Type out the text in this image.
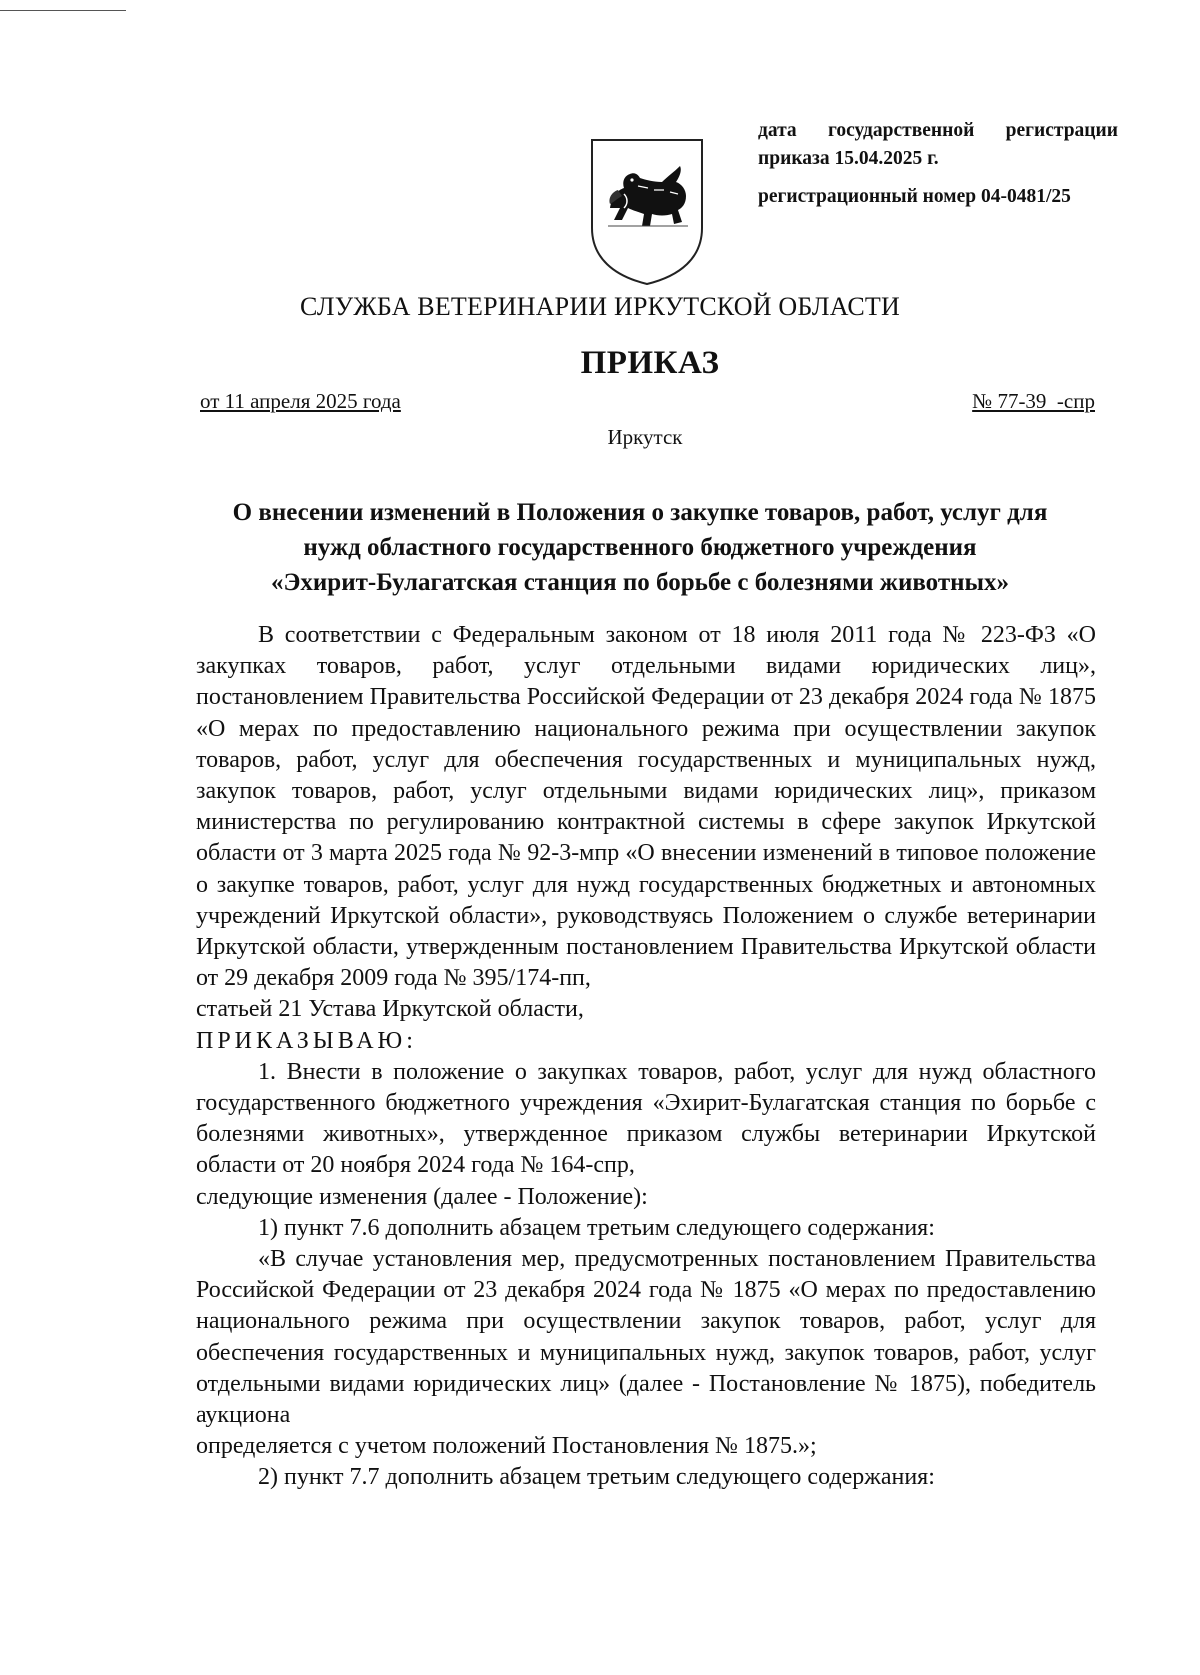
дата государственной регистрации
приказа 15.04.2025 г.
регистрационный номер 04-0481/25
СЛУЖБА ВЕТЕРИНАРИИ ИРКУТСКОЙ ОБЛАСТИ
ПРИКАЗ
от 11 апреля 2025 года	№ 77-39  -спр
Иркутск
О внесении изменений в Положения о закупке товаров, работ, услуг для
нужд областного государственного бюджетного учреждения
«Эхирит-Булагатская станция по борьбе с болезнями животных»

В соответствии с Федеральным законом от 18 июля 2011 года № 223-ФЗ «О закупках товаров, работ, услуг отдельными видами юридических лиц», постановлением Правительства Российской Федерации от 23 декабря 2024 года № 1875 «О мерах по предоставлению национального режима при осуществлении закупок товаров, работ, услуг для обеспечения государственных и муниципальных нужд, закупок товаров, работ, услуг отдельными видами юридических лиц», приказом министерства по регулированию контрактной системы в сфере закупок Иркутской области от 3 марта 2025 года № 92-3-мпр «О внесении изменений в типовое положение о закупке товаров, работ, услуг для нужд государственных бюджетных и автономных учреждений Иркутской области», руководствуясь Положением о службе ветеринарии Иркутской области, утвержденным постановлением Правительства Иркутской области от 29 декабря 2009 года № 395/174-пп,

статьей 21 Устава Иркутской области,

ПРИКАЗЫВАЮ:

1. Внести в положение о закупках товаров, работ, услуг для нужд областного государственного бюджетного учреждения «Эхирит-Булагатская станция по борьбе с болезнями животных», утвержденное приказом службы ветеринарии Иркутской области от 20 ноября 2024 года № 164-спр,

следующие изменения (далее - Положение):

1) пункт 7.6 дополнить абзацем третьим следующего содержания:

«В случае установления мер, предусмотренных постановлением Правительства Российской Федерации от 23 декабря 2024 года № 1875 «О мерах по предоставлению национального режима при осуществлении закупок товаров, работ, услуг для обеспечения государственных и муниципальных нужд, закупок товаров, работ, услуг отдельными видами юридических лиц» (далее - Постановление № 1875), победитель аукциона

определяется с учетом положений Постановления № 1875.»;

2) пункт 7.7 дополнить абзацем третьим следующего содержания:
